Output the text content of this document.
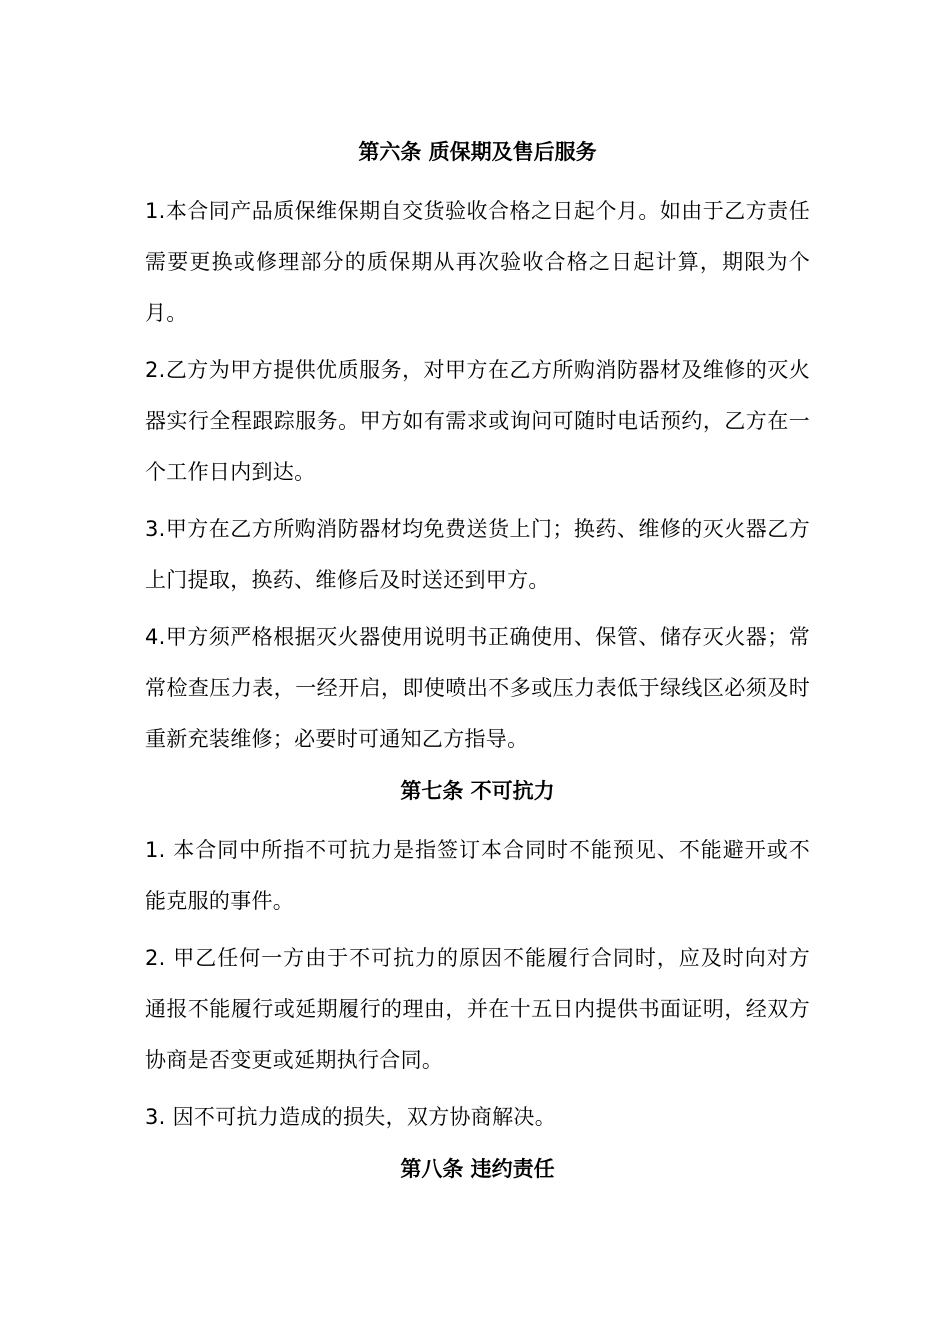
第六条 质保期及售后服务

1.本合同产品质保维保期自交货验收合格之日起个月。如由于乙方责任需要更换或修理部分的质保期从再次验收合格之日起计算，期限为个月。

2.乙方为甲方提供优质服务，对甲方在乙方所购消防器材及维修的灭火器实行全程跟踪服务。甲方如有需求或询问可随时电话预约，乙方在一个工作日内到达。

3.甲方在乙方所购消防器材均免费送货上门；换药、维修的灭火器乙方上门提取，换药、维修后及时送还到甲方。

4.甲方须严格根据灭火器使用说明书正确使用、保管、储存灭火器；常常检查压力表，一经开启，即使喷出不多或压力表低于绿线区必须及时重新充装维修；必要时可通知乙方指导。

第七条 不可抗力

1. 本合同中所指不可抗力是指签订本合同时不能预见、不能避开或不能克服的事件。

2. 甲乙任何一方由于不可抗力的原因不能履行合同时，应及时向对方通报不能履行或延期履行的理由，并在十五日内提供书面证明，经双方协商是否变更或延期执行合同。

3. 因不可抗力造成的损失，双方协商解决。

第八条 违约责任
